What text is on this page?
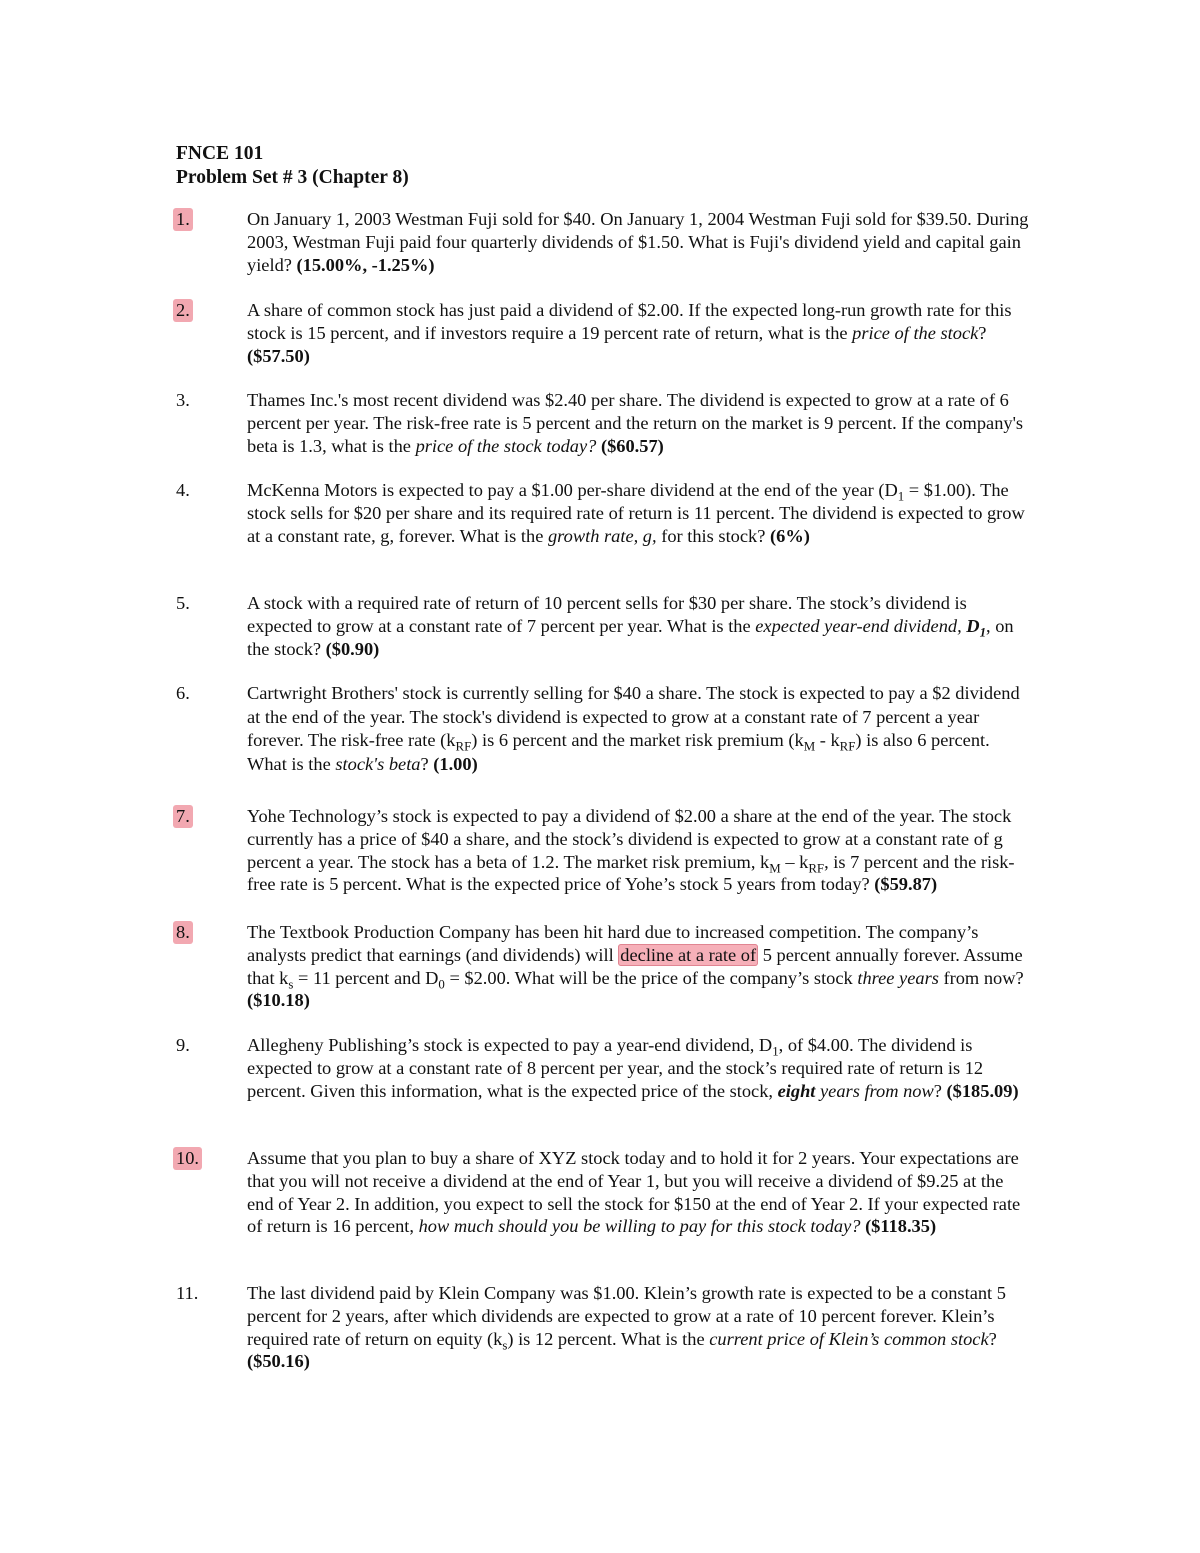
FNCE 101
Problem Set # 3 (Chapter 8)
1.	On January 1, 2003 Westman Fuji sold for $40. On January 1, 2004 Westman Fuji sold for $39.50. During 2003, Westman Fuji paid four quarterly dividends of $1.50. What is Fuji's dividend yield and capital gain yield? (15.00%, -1.25%)
2.	A share of common stock has just paid a dividend of $2.00. If the expected long-run growth rate for this stock is 15 percent, and if investors require a 19 percent rate of return, what is the price of the stock? ($57.50)
3.	Thames Inc.'s most recent dividend was $2.40 per share. The dividend is expected to grow at a rate of 6 percent per year. The risk-free rate is 5 percent and the return on the market is 9 percent. If the company's beta is 1.3, what is the price of the stock today? ($60.57)
4.	McKenna Motors is expected to pay a $1.00 per-share dividend at the end of the year ($D_1$ = $1.00). The stock sells for $20 per share and its required rate of return is 11 percent. The dividend is expected to grow at a constant rate, g, forever. What is the growth rate, g, for this stock? (6%)
5.	A stock with a required rate of return of 10 percent sells for $30 per share. The stock’s dividend is expected to grow at a constant rate of 7 percent per year. What is the expected year-end dividend, $D_1$, on the stock? ($0.90)
6.	Cartwright Brothers' stock is currently selling for $40 a share. The stock is expected to pay a $2 dividend at the end of the year. The stock's dividend is expected to grow at a constant rate of 7 percent a year forever. The risk-free rate $(k_{RF})$ is 6 percent and the market risk premium $(k_M - k_{RF})$ is also 6 percent. What is the stock's beta? (1.00)
7.	Yohe Technology’s stock is expected to pay a dividend of $2.00 a share at the end of the year. The stock currently has a price of $40 a share, and the stock’s dividend is expected to grow at a constant rate of g percent a year. The stock has a beta of 1.2. The market risk premium, $k_M - k_{RF}$, is 7 percent and the risk-free rate is 5 percent. What is the expected price of Yohe’s stock 5 years from today? ($59.87)
8.	The Textbook Production Company has been hit hard due to increased competition. The company’s analysts predict that earnings (and dividends) will decline at a rate of 5 percent annually forever. Assume that $k_s = 11$ percent and $D_0$ = $2.00. What will be the price of the company’s stock three years from now? ($10.18)
9.	Allegheny Publishing’s stock is expected to pay a year-end dividend, $D_1$, of $4.00. The dividend is expected to grow at a constant rate of 8 percent per year, and the stock’s required rate of return is 12 percent. Given this information, what is the expected price of the stock, eight years from now? ($185.09)
10.	Assume that you plan to buy a share of XYZ stock today and to hold it for 2 years. Your expectations are that you will not receive a dividend at the end of Year 1, but you will receive a dividend of $9.25 at the end of Year 2. In addition, you expect to sell the stock for $150 at the end of Year 2. If your expected rate of return is 16 percent, how much should you be willing to pay for this stock today? ($118.35)
11.	The last dividend paid by Klein Company was $1.00. Klein’s growth rate is expected to be a constant 5 percent for 2 years, after which dividends are expected to grow at a rate of 10 percent forever. Klein’s required rate of return on equity $(k_s)$ is 12 percent. What is the current price of Klein’s common stock? ($50.16)
